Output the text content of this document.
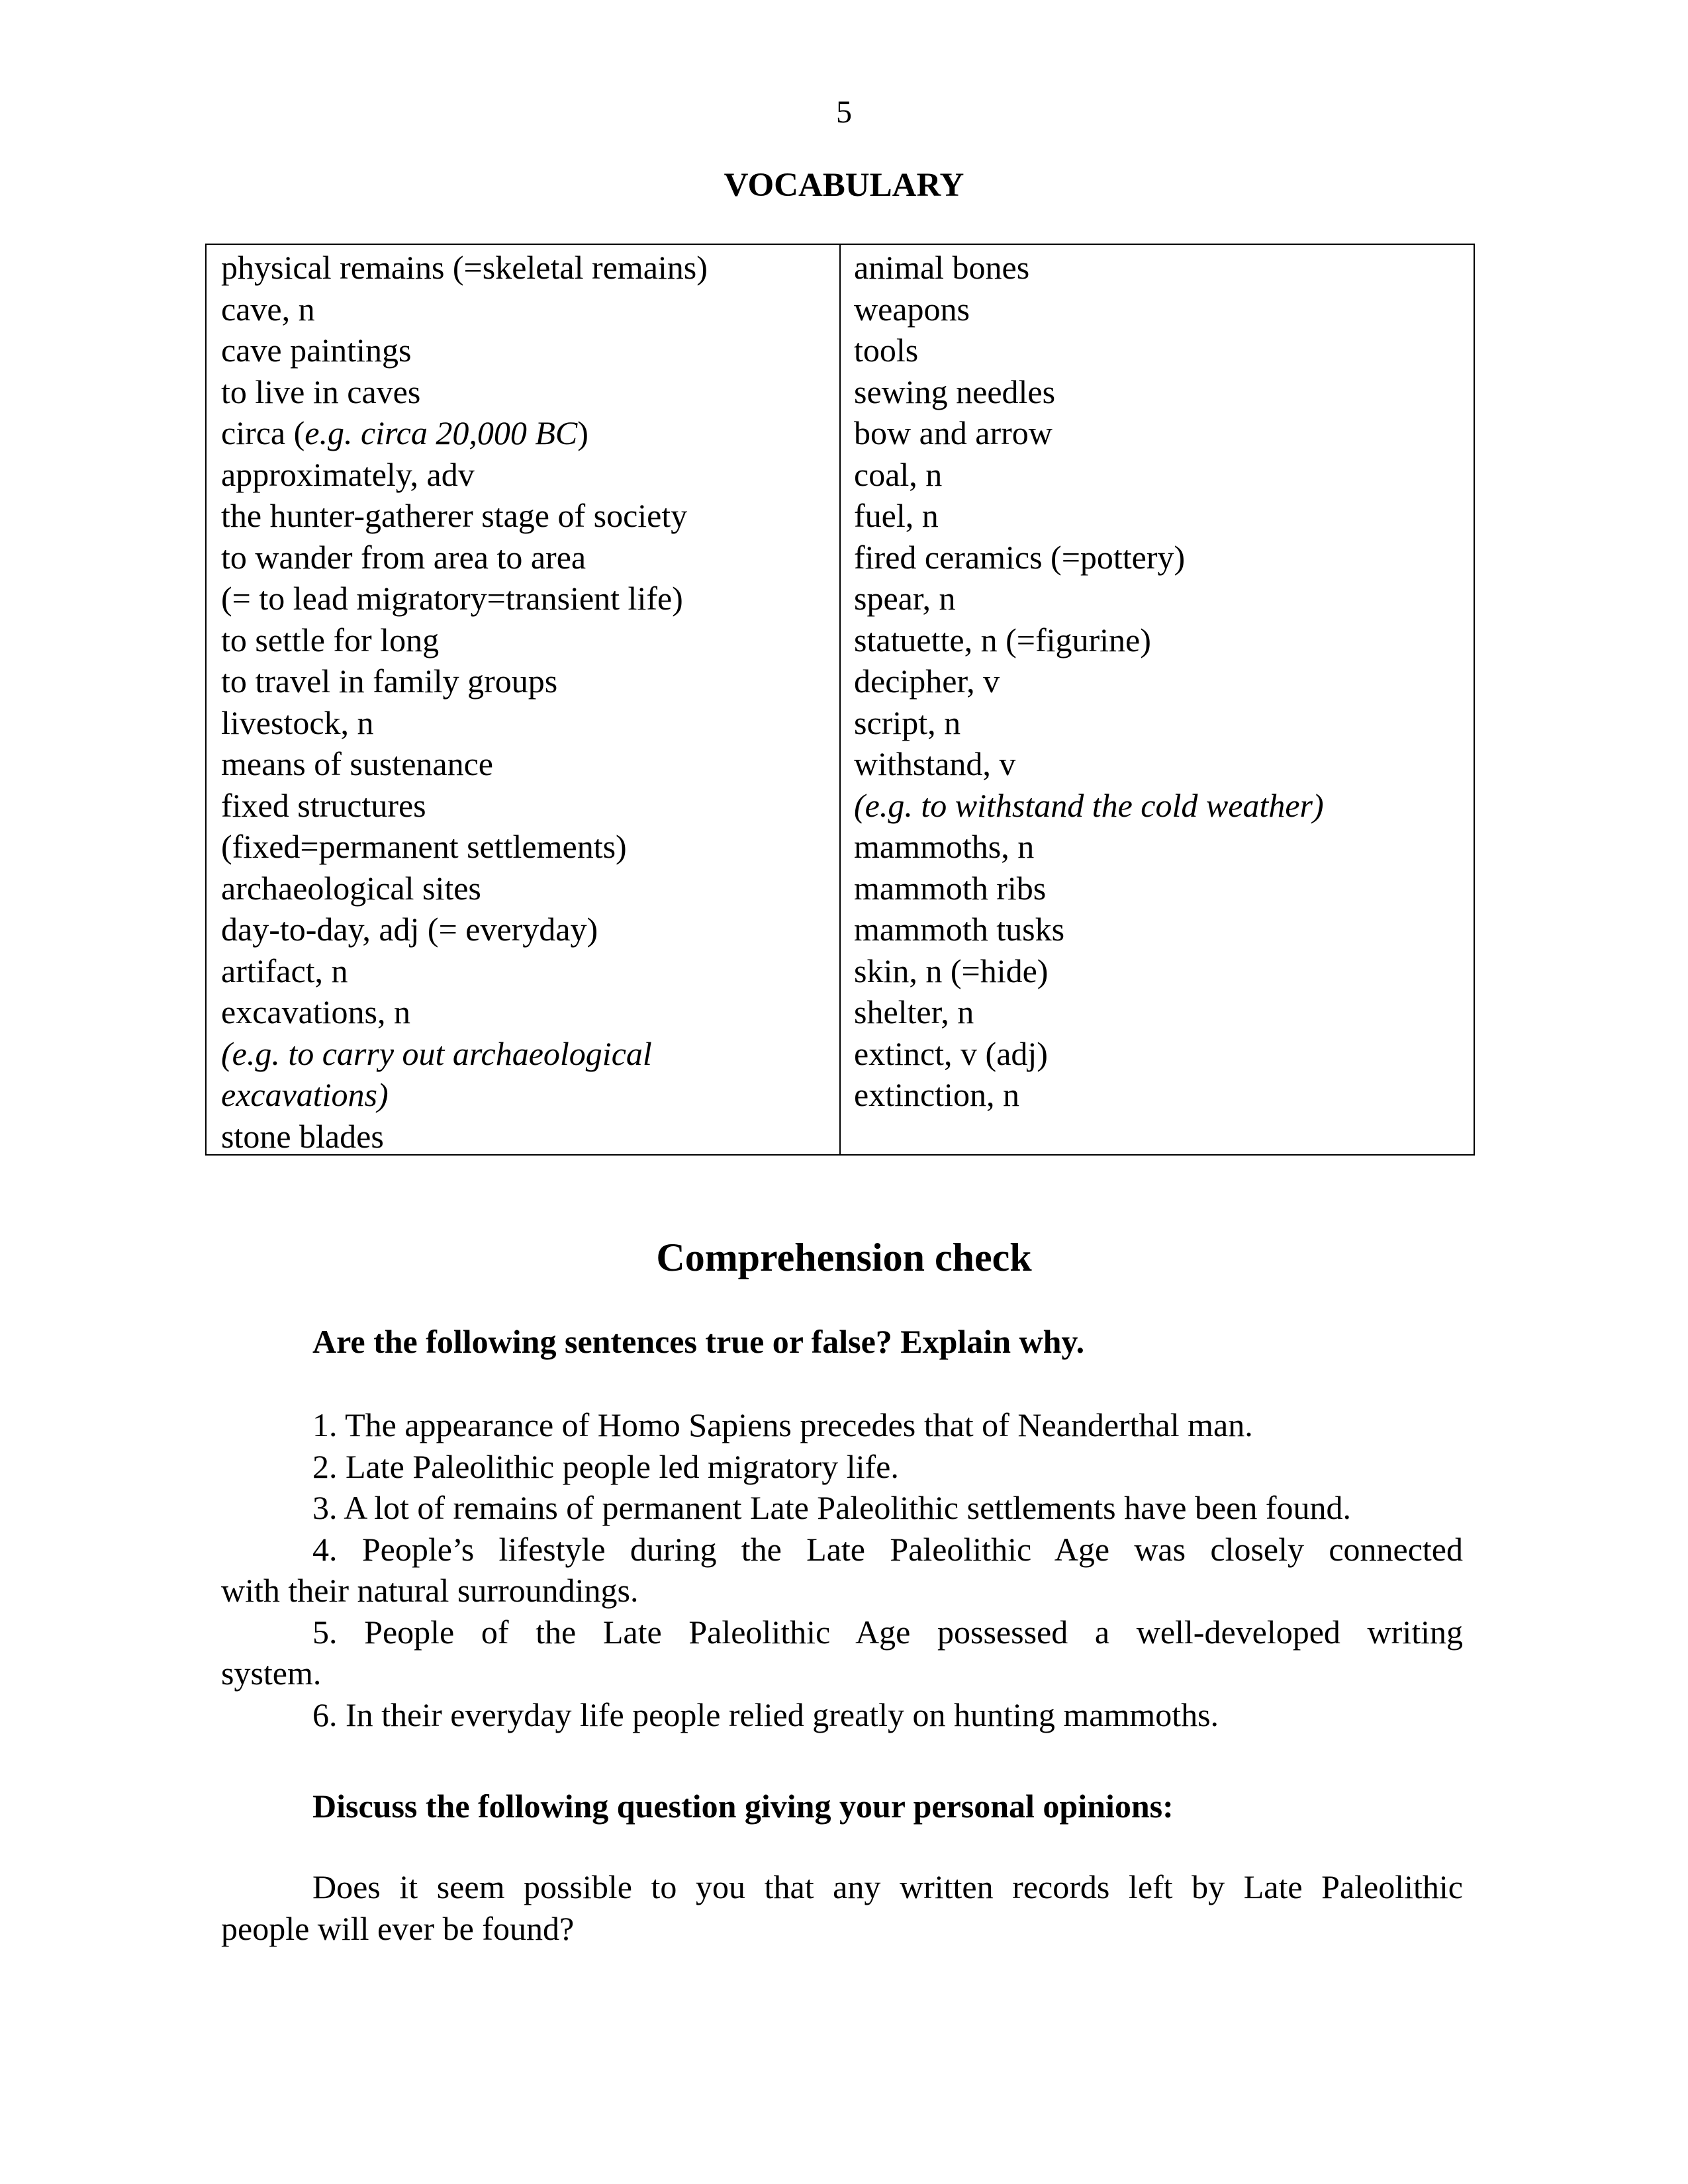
5
VOCABULARY
physical remains (=skeletal remains)
cave, n
cave paintings
to live in caves
circa (e.g. circa 20,000 BC)
approximately, adv
the hunter-gatherer stage of society
to wander from area to area
(= to lead migratory=transient life)
to settle for long
to travel in family groups
livestock, n
means of sustenance
fixed structures
(fixed=permanent settlements)
archaeological sites
day-to-day, adj (= everyday)
artifact, n
excavations, n
(e.g. to carry out archaeological
excavations)
stone blades
animal bones
weapons
tools
sewing needles
bow and arrow
coal, n
fuel, n
fired ceramics (=pottery)
spear, n
statuette, n (=figurine)
decipher, v
script, n
withstand, v
(e.g. to withstand the cold weather)
mammoths, n
mammoth ribs
mammoth tusks
skin, n (=hide)
shelter, n
extinct, v (adj)
extinction, n
Comprehension check
Are the following sentences true or false? Explain why.
1. The appearance of Homo Sapiens precedes that of Neanderthal man.
2. Late Paleolithic people led migratory life.
3. A lot of remains of permanent Late Paleolithic settlements have been found.
4. People’s lifestyle during the Late Paleolithic Age was closely connected
with their natural surroundings.
5. People of the Late Paleolithic Age possessed a well-developed writing
system.
6. In their everyday life people relied greatly on hunting mammoths.
Discuss the following question giving your personal opinions:
Does it seem possible to you that any written records left by Late Paleolithic
people will ever be found?
